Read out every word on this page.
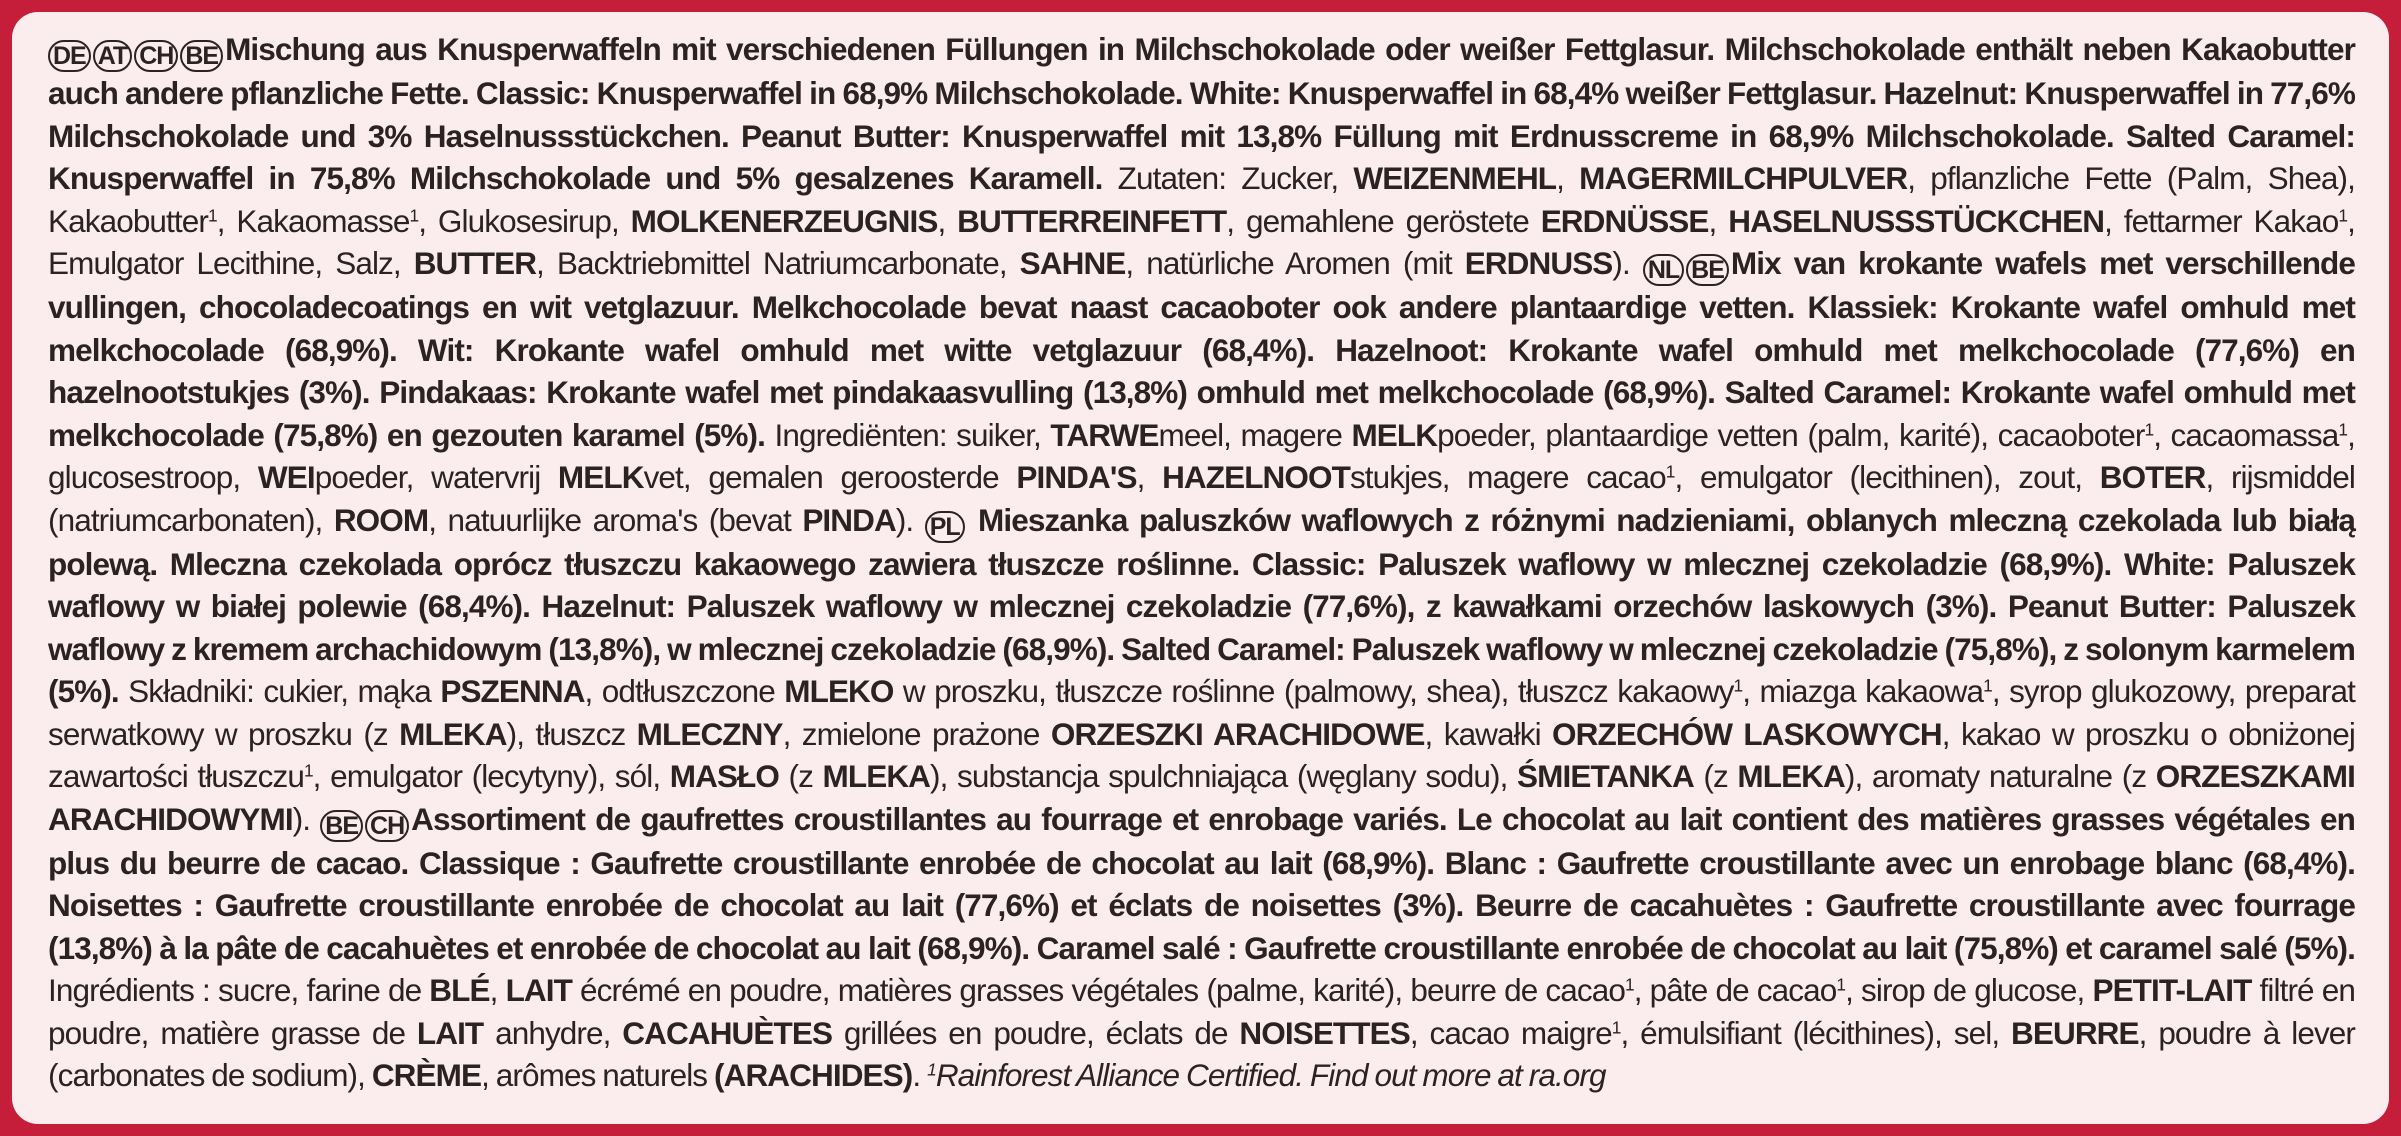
DE AT CH BE Mischung aus Knusperwaffeln mit verschiedenen Füllungen in Milchschokolade oder weißer Fettglasur. Milchschokolade enthält neben Kakaobutter auch andere pflanzliche Fette. Classic: Knusperwaffel in 68,9% Milchschokolade. White: Knusperwaffel in 68,4% weißer Fettglasur. Hazelnut: Knusperwaffel in 77,6% Milchschokolade und 3% Haselnussstückchen. Peanut Butter: Knusperwaffel mit 13,8% Füllung mit Erdnusscreme in 68,9% Milchschokolade. Salted Caramel: Knusperwaffel in 75,8% Milchschokolade und 5% gesalzenes Karamell. Zutaten: Zucker, WEIZENMEHL, MAGERMILCHPULVER, pflanzliche Fette (Palm, Shea), Kakaobutter$^1$, Kakaomasse$^1$, Glukosesirup, MOLKENERZEUGNIS, BUTTERREINFETT, gemahlene geröstete ERDNÜSSE, HASELNUSSSTÜCKCHEN, fettarmer Kakao$^1$, Emulgator Lecithine, Salz, BUTTER, Backtriebmittel Natriumcarbonate, SAHNE, natürliche Aromen (mit ERDNUSS). NL BE Mix van krokante wafels met verschillende vullingen, chocoladecoatings en wit vetglazuur. Melkchocolade bevat naast cacaoboter ook andere plantaardige vetten. Klassiek: Krokante wafel omhuld met melkchocolade (68,9%). Wit: Krokante wafel omhuld met witte vetglazuur (68,4%). Hazelnoot: Krokante wafel omhuld met melkchocolade (77,6%) en hazelnootstukjes (3%). Pindakaas: Krokante wafel met pindakaasvulling (13,8%) omhuld met melkchocolade (68,9%). Salted Caramel: Krokante wafel omhuld met melkchocolade (75,8%) en gezouten karamel (5%). Ingrediënten: suiker, TARWEmeel, magere MELKpoeder, plantaardige vetten (palm, karité), cacaoboter$^1$, cacaomassa$^1$, glucosestroop, WEIpoeder, watervrij MELKvet, gemalen geroosterde PINDA'S, HAZELNOOTstukjes, magere cacao$^1$, emulgator (lecithinen), zout, BOTER, rijsmiddel (natriumcarbonaten), ROOM, natuurlijke aroma's (bevat PINDA). PL Mieszanka paluszków waflowych z różnymi nadzieniami, oblanych mleczną czekolada lub białą polewą. Mleczna czekolada oprócz tłuszczu kakaowego zawiera tłuszcze roślinne. Classic: Paluszek waflowy w mlecznej czekoladzie (68,9%). White: Paluszek waflowy w białej polewie (68,4%). Hazelnut: Paluszek waflowy w mlecznej czekoladzie (77,6%), z kawałkami orzechów laskowych (3%). Peanut Butter: Paluszek waflowy z kremem archachidowym (13,8%), w mlecznej czekoladzie (68,9%). Salted Caramel: Paluszek waflowy w mlecznej czekoladzie (75,8%), z solonym karmelem (5%). Składniki: cukier, mąka PSZENNA, odtłuszczone MLEKO w proszku, tłuszcze roślinne (palmowy, shea), tłuszcz kakaowy$^1$, miazga kakaowa$^1$, syrop glukozowy, preparat serwatkowy w proszku (z MLEKA), tłuszcz MLECZNY, zmielone prażone ORZESZKI ARACHIDOWE, kawałki ORZECHÓW LASKOWYCH, kakao w proszku o obniżonej zawartości tłuszczu$^1$, emulgator (lecytyny), sól, MASŁO (z MLEKA), substancja spulchniająca (węglany sodu), ŚMIETANKA (z MLEKA), aromaty naturalne (z ORZESZKAMI ARACHIDOWYMI). BE CH Assortiment de gaufrettes croustillantes au fourrage et enrobage variés. Le chocolat au lait contient des matières grasses végétales en plus du beurre de cacao. Classique : Gaufrette croustillante enrobée de chocolat au lait (68,9%). Blanc : Gaufrette croustillante avec un enrobage blanc (68,4%). Noisettes : Gaufrette croustillante enrobée de chocolat au lait (77,6%) et éclats de noisettes (3%). Beurre de cacahuètes : Gaufrette croustillante avec fourrage (13,8%) à la pâte de cacahuètes et enrobée de chocolat au lait (68,9%). Caramel salé : Gaufrette croustillante enrobée de chocolat au lait (75,8%) et caramel salé (5%). Ingrédients : sucre, farine de BLÉ, LAIT écrémé en poudre, matières grasses végétales (palme, karité), beurre de cacao$^1$, pâte de cacao$^1$, sirop de glucose, PETIT-LAIT filtré en poudre, matière grasse de LAIT anhydre, CACAHUÈTES grillées en poudre, éclats de NOISETTES, cacao maigre$^1$, émulsifiant (lécithines), sel, BEURRE, poudre à lever (carbonates de sodium), CRÈME, arômes naturels (ARACHIDES). $^1$Rainforest Alliance Certified. Find out more at ra.org
